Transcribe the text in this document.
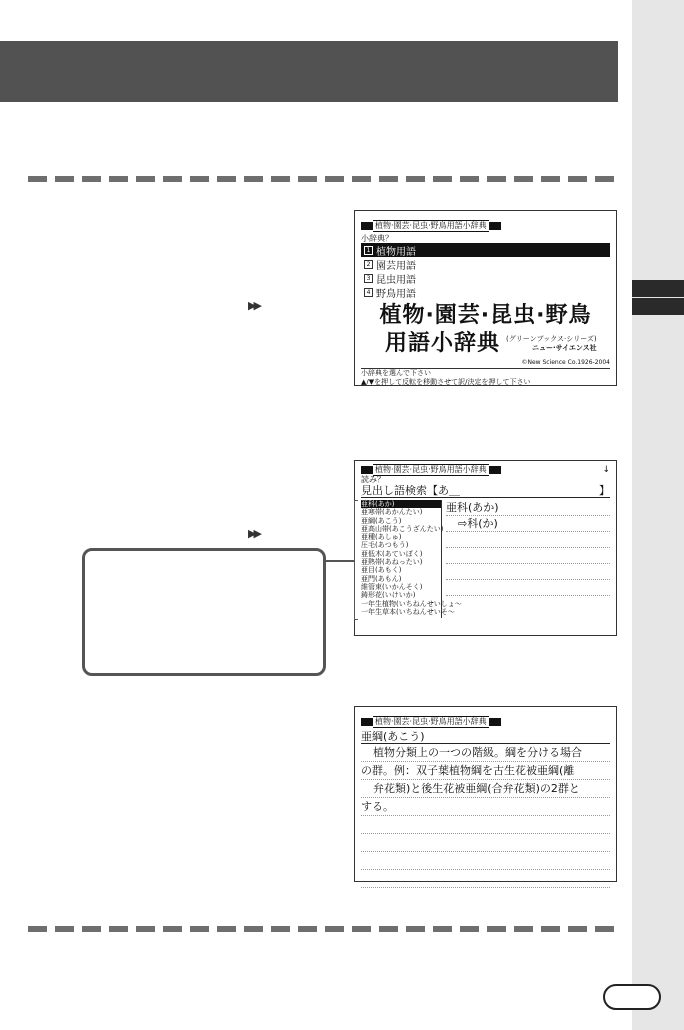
▶▶
▶▶
植物·園芸·昆虫·野鳥用語小辞典
小辞典？
1 植物用語
2 園芸用語
3 昆虫用語
4 野鳥用語
植物·園芸·昆虫·野鳥
用語小辞典 (グリーンブックス·シリーズ)
ニュー·サイエンス社
©New Science Co.1926-2004
小辞典を選んで下さい
▲/▼を押して反転を移動させて訳/決定を押して下さい
植物·園芸·昆虫·野鳥用語小辞典	↓
読み？
見出し語検索【あ＿	】
亜科(あか)
亜寒帯(あかんたい)
亜綱(あこう)
亜高山帯(あこうざんたい)
亜種(あしゅ)
圧毛(あつもう)
亜低木(あていぼく)
亜熱帯(あねったい)
亜目(あもく)
亜門(あもん)
維管束(いかんそく)
鋳形花(いけいか)
一年生植物(いちねんせいしょ～
一年生草本(いちねんせいそ～
亜科(あか)
⇨科(か)
植物·園芸·昆虫·野鳥用語小辞典
亜綱(あこう)
植物分類上の一つの階級。綱を分ける場合
の群。例：双子葉植物綱を古生花被亜綱(離
弁花類)と後生花被亜綱(合弁花類)の2群と
する。
